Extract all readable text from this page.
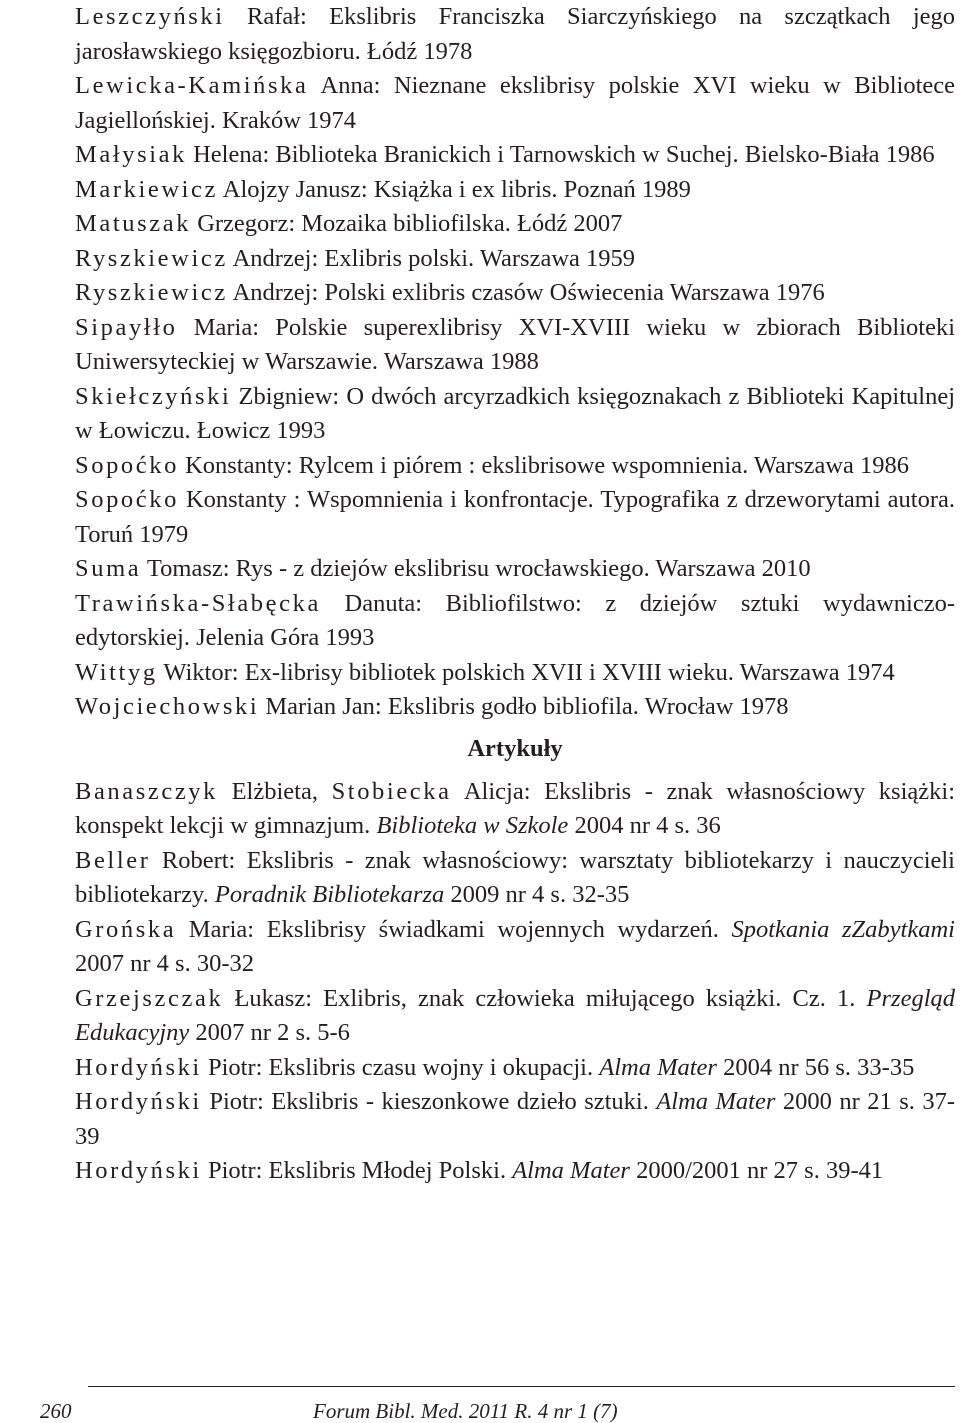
Leszczyński Rafał: Ekslibris Franciszka Siarczyńskiego na szczątkach jego jarosławskiego księgozbioru. Łódź 1978

Lewicka-Kamińska Anna: Nieznane ekslibrisy polskie XVI wieku w Bibliotece Jagiellońskiej. Kraków 1974

Małysiak Helena: Biblioteka Branickich i Tarnowskich w Suchej. Bielsko-Biała 1986

Markiewicz Alojzy Janusz: Książka i ex libris. Poznań 1989

Matuszak Grzegorz: Mozaika bibliofilska. Łódź 2007

Ryszkiewicz Andrzej: Exlibris polski. Warszawa 1959

Ryszkiewicz Andrzej: Polski exlibris czasów Oświecenia Warszawa 1976

Sipayłło Maria: Polskie superexlibrisy XVI-XVIII wieku w zbiorach Biblioteki Uniwersyteckiej w Warszawie. Warszawa 1988

Skiełczyński Zbigniew: O dwóch arcyrzadkich księgoznakach z Biblioteki Kapitulnej w Łowiczu. Łowicz 1993

Sopoćko Konstanty: Rylcem i piórem : ekslibrisowe wspomnienia. Warszawa 1986

Sopoćko Konstanty : Wspomnienia i konfrontacje. Typografika z drzeworytami autora. Toruń 1979

Suma Tomasz: Rys - z dziejów ekslibrisu wrocławskiego. Warszawa 2010

Trawińska-Słabęcka Danuta: Bibliofilstwo: z dziejów sztuki wydawniczo-edytorskiej. Jelenia Góra 1993

Wittyg Wiktor: Ex-librisy bibliotek polskich XVII i XVIII wieku. Warszawa 1974

Wojciechowski Marian Jan: Ekslibris godło bibliofila. Wrocław 1978

Artykuły

Banaszczyk Elżbieta, Stobiecka Alicja: Ekslibris - znak własnościowy książki: konspekt lekcji w gimnazjum. Biblioteka w Szkole 2004 nr 4 s. 36

Beller Robert: Ekslibris - znak własnościowy: warsztaty bibliotekarzy i nauczycieli bibliotekarzy. Poradnik Bibliotekarza 2009 nr 4 s. 32-35

Grońska Maria: Ekslibrisy świadkami wojennych wydarzeń. Spotkania zZabytkami 2007 nr 4 s. 30-32

Grzejszczak Łukasz: Exlibris, znak człowieka miłującego książki. Cz. 1. Przegląd Edukacyjny 2007 nr 2 s. 5-6

Hordyński Piotr: Ekslibris czasu wojny i okupacji. Alma Mater 2004 nr 56 s. 33-35

Hordyński Piotr: Ekslibris - kieszonkowe dzieło sztuki. Alma Mater 2000 nr 21 s. 37-39

Hordyński Piotr: Ekslibris Młodej Polski. Alma Mater 2000/2001 nr 27 s. 39-41

260	Forum Bibl. Med. 2011 R. 4 nr 1 (7)
